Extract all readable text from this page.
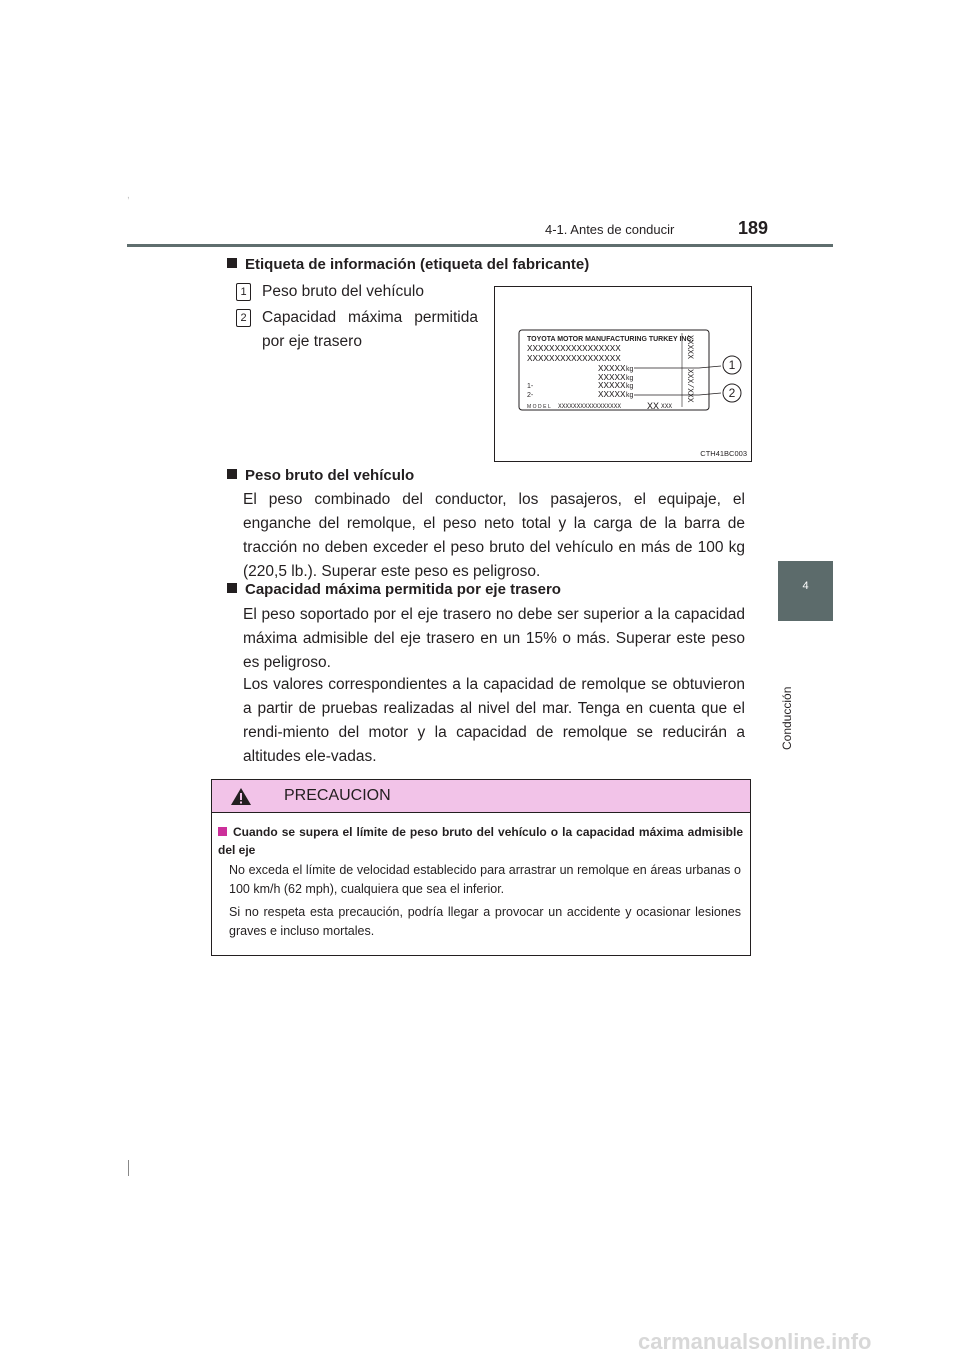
,
4-1. Antes de conducir	189
4
Conducción
Etiqueta de información (etiqueta del fabricante)
1 Peso bruto del vehículo
2 Capacidad máxima permitida por eje trasero	TOYOTA MOTOR MANUFACTURING TURKEY INC.
XXXXXXXXXXXXXXXXX
XXXXXXXXXXXXXXXXX
XXXXX kg
XXXXX kg
1-	XXXXX kg
2-	XXXXX kg
MODEL XXXXXXXXXXXXXXXXX	XX XXX
XXXXX
XXX/XXX
1
2
CTH41BC003
Peso bruto del vehículo
El peso combinado del conductor, los pasajeros, el equipaje, el enganche del remolque, el peso neto total y la carga de la barra de tracción no deben exceder el peso bruto del vehículo en más de 100 kg (220,5 lb.). Superar este peso es peligroso.
Capacidad máxima permitida por eje trasero
El peso soportado por el eje trasero no debe ser superior a la capacidad máxima admisible del eje trasero en un 15% o más. Superar este peso es peligroso.
Los valores correspondientes a la capacidad de remolque se obtuvieron a partir de pruebas realizadas al nivel del mar. Tenga en cuenta que el rendi-miento del motor y la capacidad de remolque se reducirán a altitudes ele-vadas.
PRECAUCION
Cuando se supera el límite de peso bruto del vehículo o la capacidad máxima admisible del eje
No exceda el límite de velocidad establecido para arrastrar un remolque en áreas urbanas o 100 km/h (62 mph), cualquiera que sea el inferior.
Si no respeta esta precaución, podría llegar a provocar un accidente y ocasionar lesiones graves e incluso mortales.
carmanualsonline.info
